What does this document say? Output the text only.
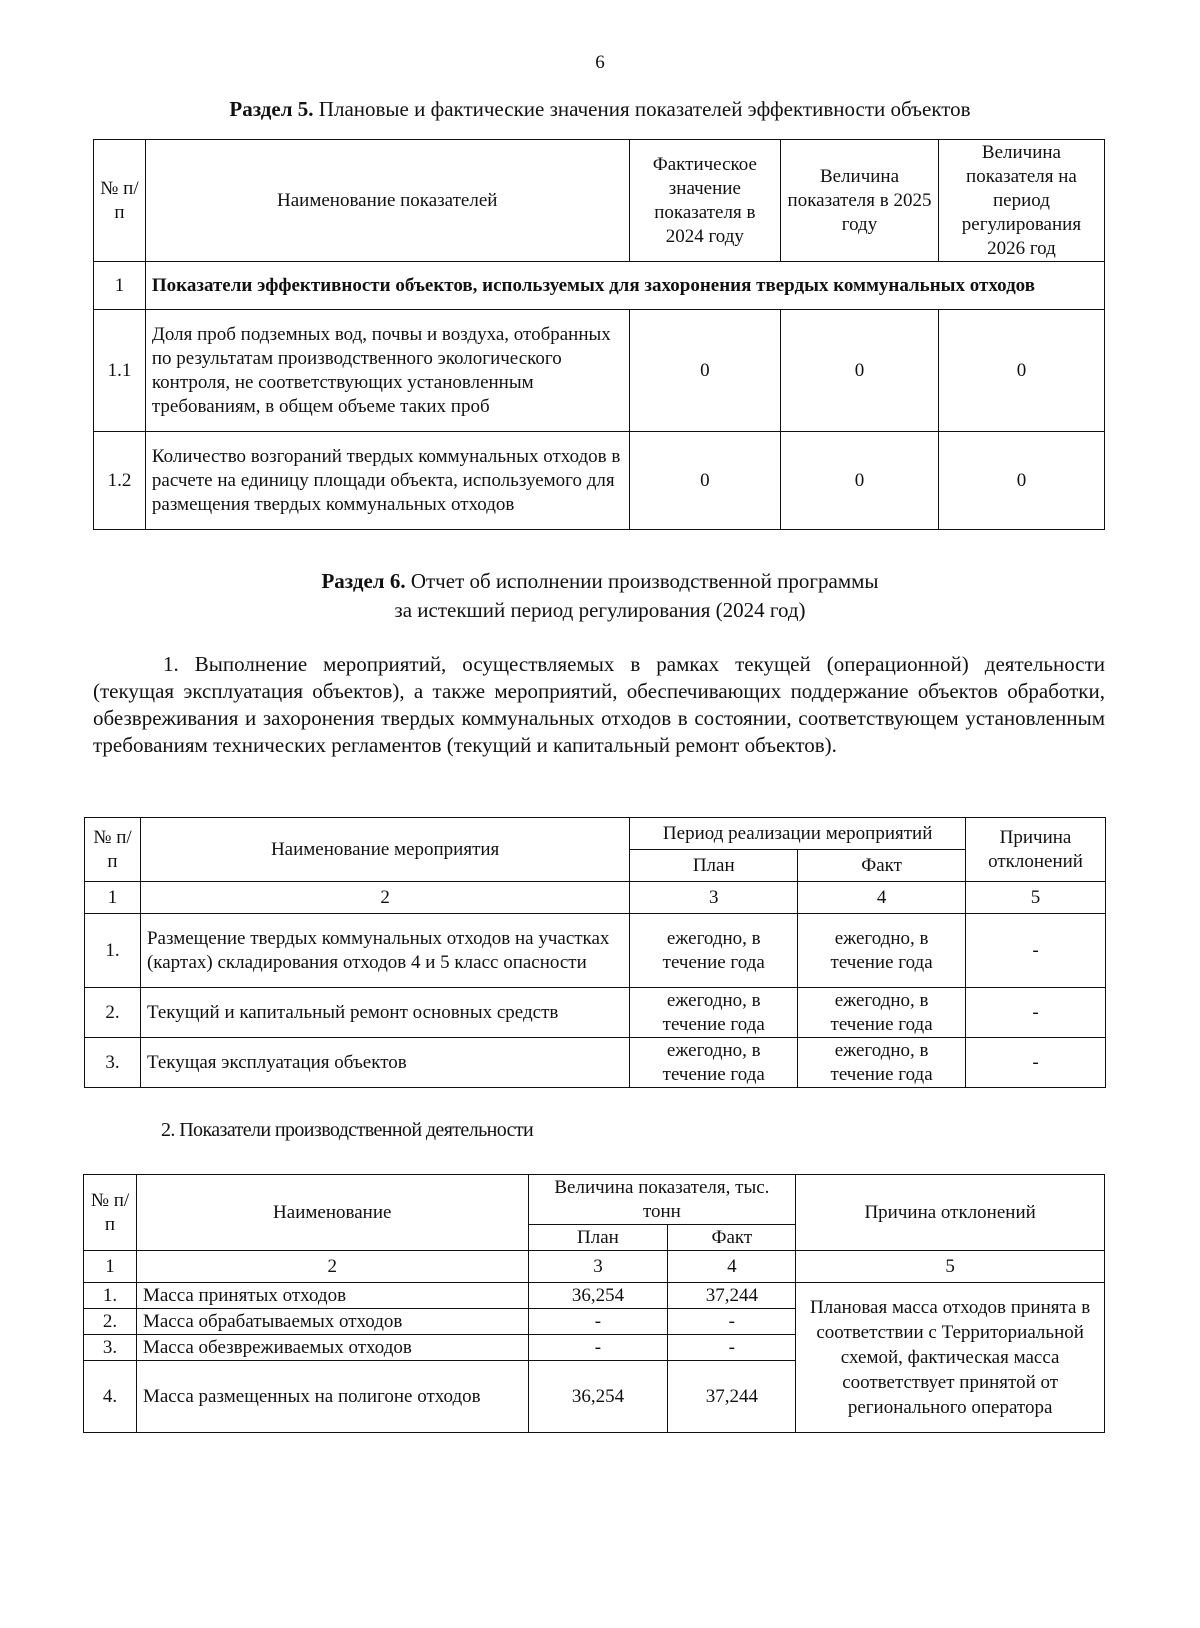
6
Раздел 5. Плановые и фактические значения показателей эффективности объектов
№ п/п	Наименование показателей	Фактическое значение показателя в 2024 году	Величина показателя в 2025 году	Величина показателя на период регулирования 2026 год
1	Показатели эффективности объектов, используемых для захоронения твердых коммунальных отходов			
1.1	Доля проб подземных вод, почвы и воздуха, отобранных по результатам производственного экологического контроля, не соответствующих установленным требованиям, в общем объеме таких проб	0	0	0
1.2	Количество возгораний твердых коммунальных отходов в расчете на единицу площади объекта, используемого для размещения твердых коммунальных отходов	0	0	0
Раздел 6. Отчет об исполнении производственной программы
за истекший период регулирования (2024 год)
1. Выполнение мероприятий, осуществляемых в рамках текущей (операционной) деятельности (текущая эксплуатация объектов), а также мероприятий, обеспечивающих поддержание объектов обработки, обезвреживания и захоронения твердых коммунальных отходов в состоянии, соответствующем установленным требованиям технических регламентов (текущий и капитальный ремонт объектов).
№ п/п	Наименование мероприятия	Период реализации мероприятий		Причина отклонений
		План	Факт	
1	2	3	4	5
1.	Размещение твердых коммунальных отходов на участках (картах) складирования отходов 4 и 5 класс опасности	ежегодно, в течение года	ежегодно, в течение года	-
2.	Текущий и капитальный ремонт основных средств	ежегодно, в течение года	ежегодно, в течение года	-
3.	Текущая эксплуатация объектов	ежегодно, в течение года	ежегодно, в течение года	-
2. Показатели производственной деятельности
№ п/п	Наименование	Величина показателя, тыс. тонн		Причина отклонений
		План	Факт	
1	2	3	4	5
1.	Масса принятых отходов	36,254	37,244	Плановая масса отходов принята в соответствии с Территориальной схемой, фактическая масса соответствует принятой от регионального оператора
2.	Масса обрабатываемых отходов	-	-	
3.	Масса обезвреживаемых отходов	-	-	
4.	Масса размещенных на полигоне отходов	36,254	37,244	
